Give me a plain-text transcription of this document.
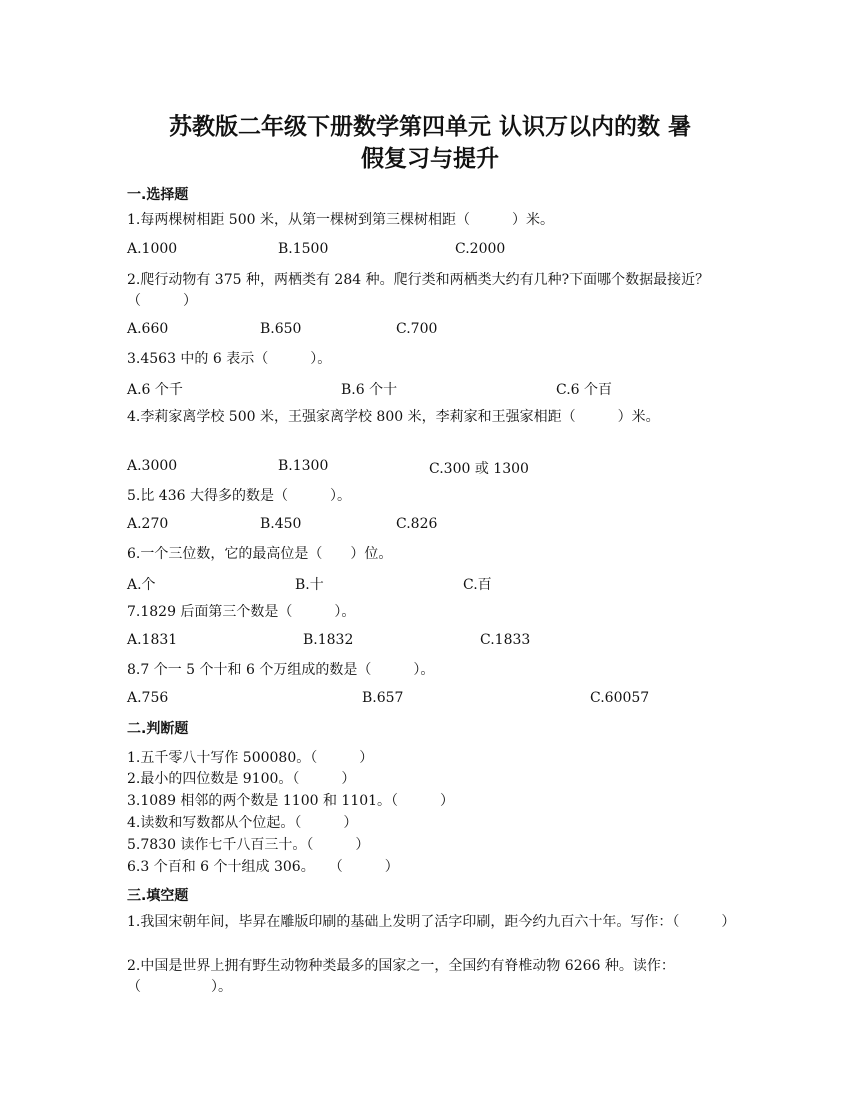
苏教版二年级下册数学第四单元 认识万以内的数 暑
假复习与提升
一.选择题
1.每两棵树相距 500 米，从第一棵树到第三棵树相距（　　　）米。
A.1000	B.1500	C.2000
2.爬行动物有 375 种，两栖类有 284 种。爬行类和两栖类大约有几种?下面哪个数据最接近？（　　　）
A.660	B.650	C.700
3.4563 中的 6 表示（　　　）。
A.6 个千	B.6 个十	C.6 个百
4.李莉家离学校 500 米，王强家离学校 800 米，李莉家和王强家相距（　　　）米。
A.3000	B.1300	C.300 或 1300
5.比 436 大得多的数是（　　　）。
A.270	B.450	C.826
6.一个三位数，它的最高位是（　　）位。
A.个	B.十	C.百
7.1829 后面第三个数是（　　　）。
A.1831	B.1832	C.1833
8.7 个一 5 个十和 6 个万组成的数是（　　　）。
A.756	B.657	C.60057
二.判断题
1.五千零八十写作 500080。（　　　）
2.最小的四位数是 9100。（　　　）
3.1089 相邻的两个数是 1100 和 1101。（　　　）
4.读数和写数都从个位起。（　　　）
5.7830 读作七千八百三十。（　　　）
6.3 个百和 6 个十组成 306。　　（　　　）
三.填空题
1.我国宋朝年间，毕昇在雕版印刷的基础上发明了活字印刷，距今约九百六十年。写作：（　　　）
2.中国是世界上拥有野生动物种类最多的国家之一，全国约有脊椎动物 6266 种。读作：　（　　　　　）。
